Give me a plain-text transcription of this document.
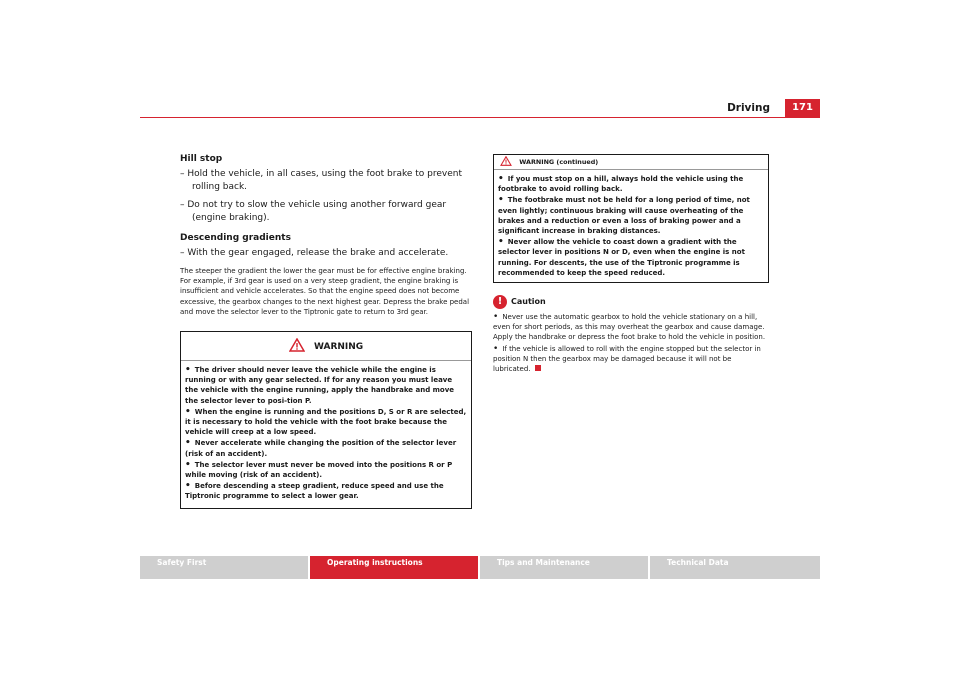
Driving	171

Hill stop

– Hold the vehicle, in all cases, using the foot brake to prevent rolling back.

– Do not try to slow the vehicle using another forward gear (engine braking).

Descending gradients

– With the gear engaged, release the brake and accelerate.

The steeper the gradient the lower the gear must be for effective engine braking. For example, if 3rd gear is used on a very steep gradient, the engine braking is insufficient and vehicle accelerates. So that the engine speed does not become excessive, the gearbox changes to the next highest gear. Depress the brake pedal and move the selector lever to the Tiptronic gate to return to 3rd gear.

WARNING

• The driver should never leave the vehicle while the engine is running or with any gear selected. If for any reason you must leave the vehicle with the engine running, apply the handbrake and move the selector lever to posi-tion P.

• When the engine is running and the positions D, S or R are selected, it is necessary to hold the vehicle with the foot brake because the vehicle will creep at a low speed.

• Never accelerate while changing the position of the selector lever (risk of an accident).

• The selector lever must never be moved into the positions R or P while moving (risk of an accident).

• Before descending a steep gradient, reduce speed and use the Tiptronic programme to select a lower gear.

WARNING (continued)

• If you must stop on a hill, always hold the vehicle using the footbrake to avoid rolling back.

• The footbrake must not be held for a long period of time, not even lightly; continuous braking will cause overheating of the brakes and a reduction or even a loss of braking power and a significant increase in braking distances.

• Never allow the vehicle to coast down a gradient with the selector lever in positions N or D, even when the engine is not running. For descents, the use of the Tiptronic programme is recommended to keep the speed reduced.

! Caution

• Never use the automatic gearbox to hold the vehicle stationary on a hill, even for short periods, as this may overheat the gearbox and cause damage. Apply the handbrake or depress the foot brake to hold the vehicle in position.

• If the vehicle is allowed to roll with the engine stopped but the selector in position N then the gearbox may be damaged because it will not be lubricated.

Safety First	Operating instructions	Tips and Maintenance	Technical Data
